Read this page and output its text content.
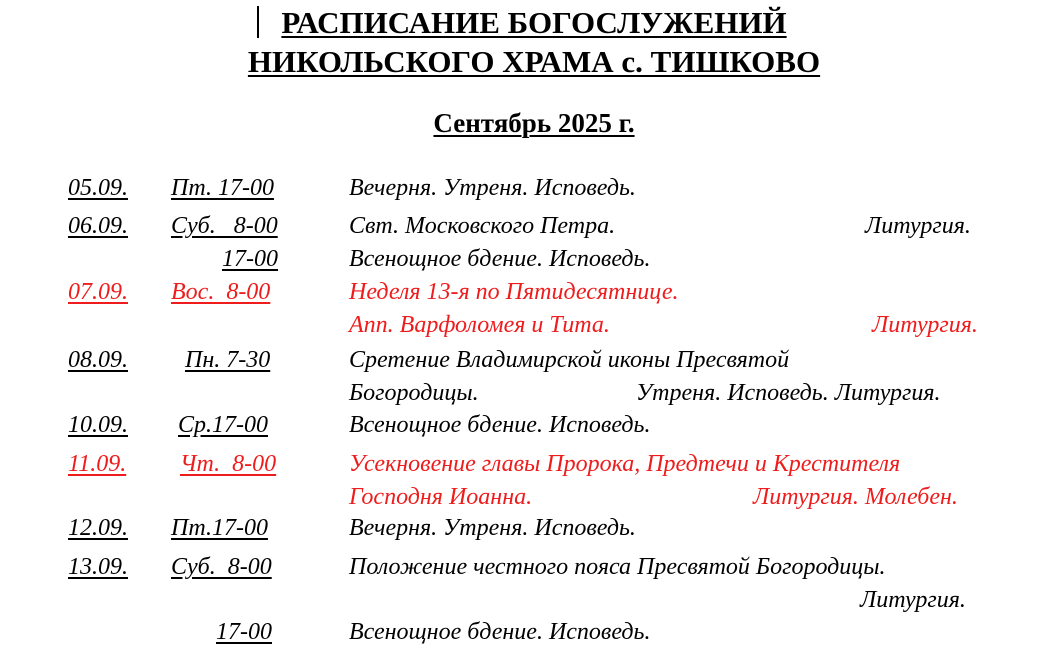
РАСПИСАНИЕ БОГОСЛУЖЕНИЙ
НИКОЛЬСКОГО ХРАМА с. ТИШКОВО
Сентябрь 2025 г.
05.09. Пт. 17-00	Вечерня. Утреня. Исповедь.
06.09. Суб.   8-00	Свт. Московского Петра.	Литургия.
17-00	Всенощное бдение. Исповедь.
07.09. Вос.  8-00	Неделя 13-я по Пятидесятнице.
Апп. Варфоломея и Тита.	Литургия.
08.09. Пн. 7-30	Сретение Владимирской иконы Пресвятой
Богородицы.	Утреня. Исповедь. Литургия.
10.09. Ср.17-00	Всенощное бдение. Исповедь.
11.09. Чт.  8-00	Усекновение главы Пророка, Предтечи и Крестителя
Господня Иоанна.	Литургия. Молебен.
12.09. Пт.17-00	Вечерня. Утреня. Исповедь.
13.09. Суб.  8-00	Положение честного пояса Пресвятой Богородицы.
Литургия.
17-00	Всенощное бдение. Исповедь.
